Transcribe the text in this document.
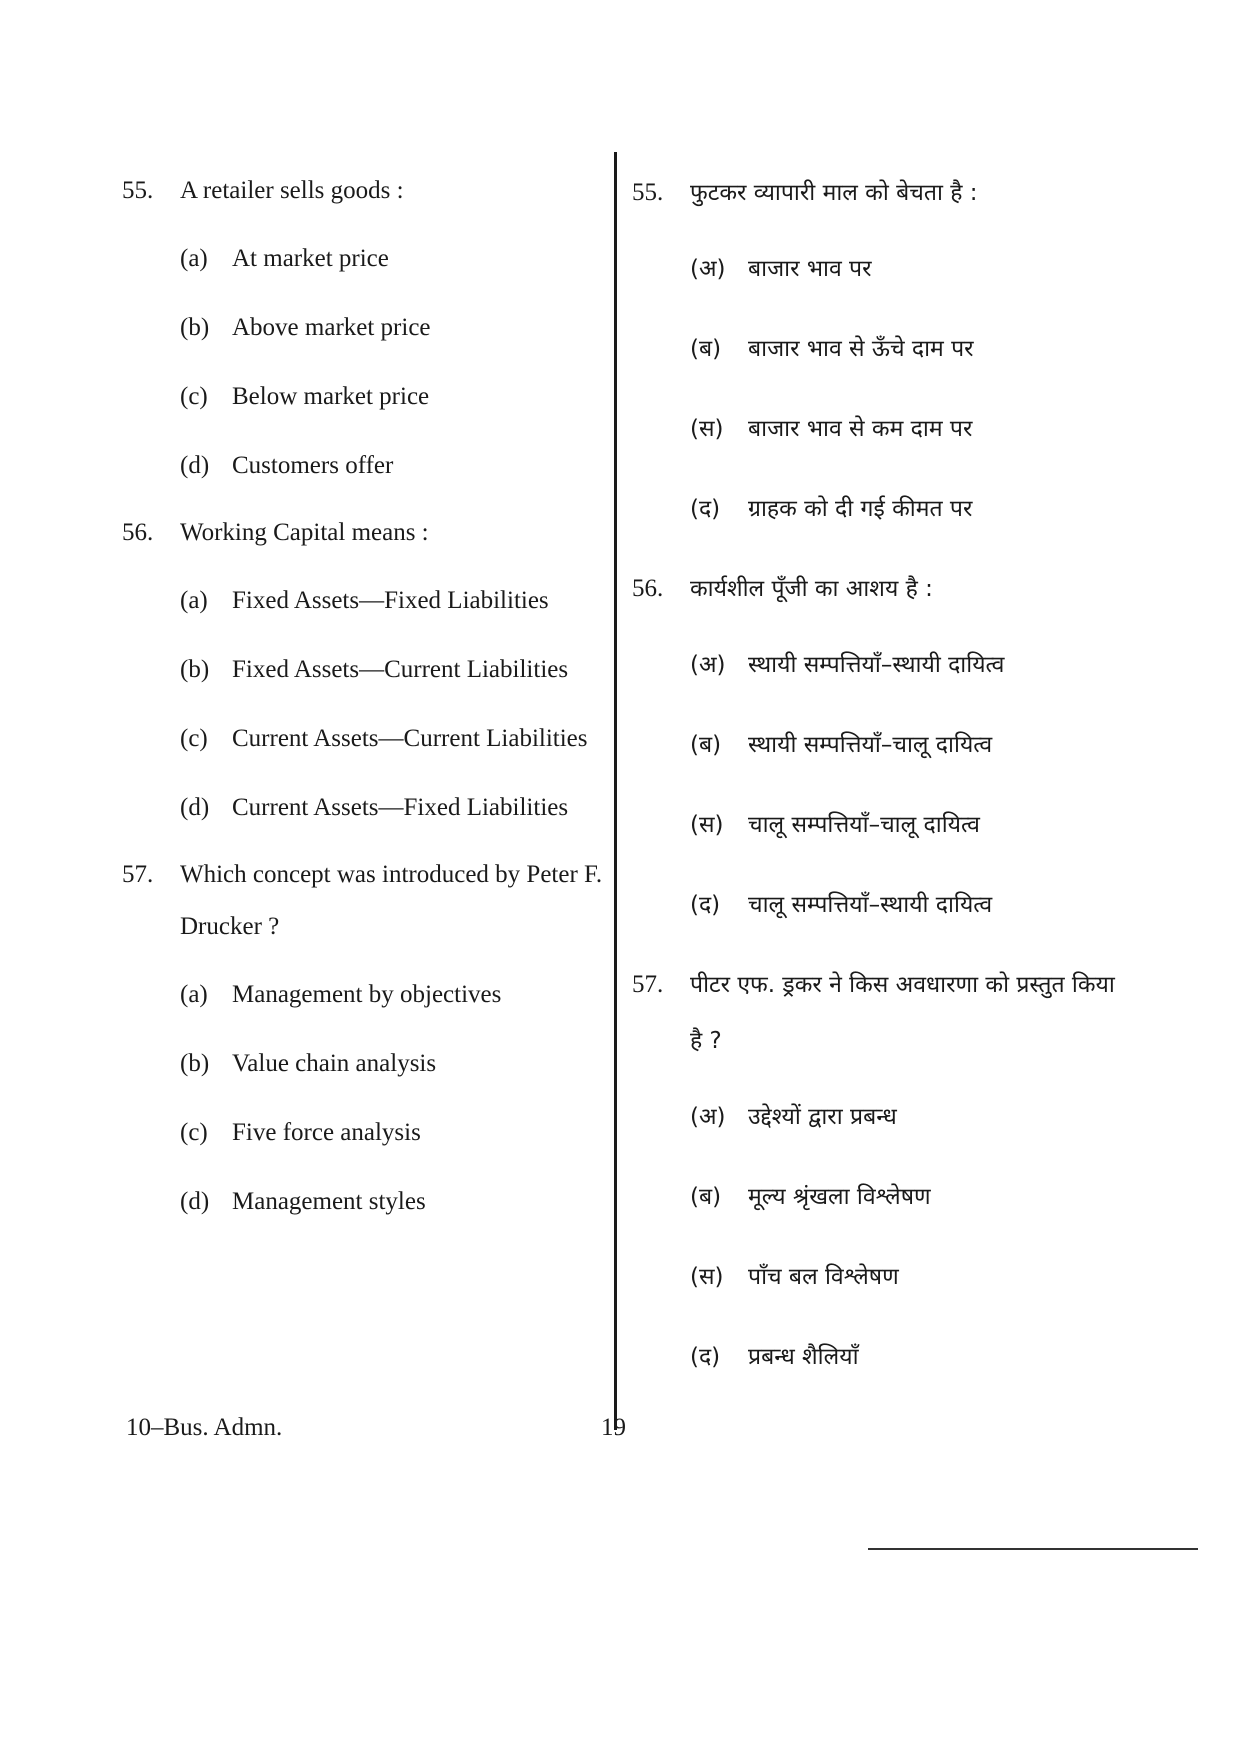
55.	A retailer sells goods :
(a) At market price
(b) Above market price
(c) Below market price
(d) Customers offer
56.	Working Capital means :
(a) Fixed Assets—Fixed Liabilities
(b) Fixed Assets—Current Liabilities
(c) Current Assets—Current Liabilities
(d) Current Assets—Fixed Liabilities
57.	Which concept was introduced by Peter F. Drucker ?
(a) Management by objectives
(b) Value chain analysis
(c) Five force analysis
(d) Management styles
55.	फुटकर व्यापारी माल को बेचता है :
(अ) बाजार भाव पर
(ब)	बाजार भाव से ऊँचे दाम पर
(स)	बाजार भाव से कम दाम पर
(द)	ग्राहक को दी गई कीमत पर
56.	कार्यशील पूँजी का आशय है :
(अ) स्थायी सम्पत्तियाँ–स्थायी दायित्व
(ब)	स्थायी सम्पत्तियाँ–चालू दायित्व
(स)	चालू सम्पत्तियाँ–चालू दायित्व
(द)	चालू सम्पत्तियाँ–स्थायी दायित्व
57.	पीटर एफ. ड्रकर ने किस अवधारणा को प्रस्तुत किया है ?
(अ) उद्देश्यों द्वारा प्रबन्ध
(ब)	मूल्य श्रृंखला विश्लेषण
(स)	पाँच बल विश्लेषण
(द)	प्रबन्ध शैलियाँ
10–Bus. Admn.	19
